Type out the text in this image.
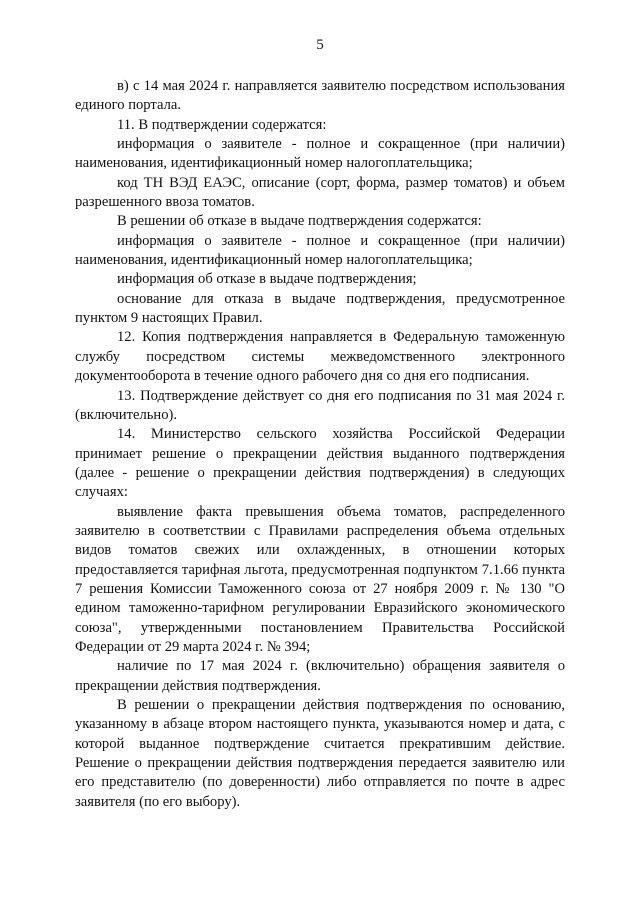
5

в) с 14 мая 2024 г. направляется заявителю посредством использования единого портала.

11. В подтверждении содержатся:

информация о заявителе - полное и сокращенное (при наличии) наименования, идентификационный номер налогоплательщика;

код ТН ВЭД ЕАЭС, описание (сорт, форма, размер томатов) и объем разрешенного ввоза томатов.

В решении об отказе в выдаче подтверждения содержатся:

информация о заявителе - полное и сокращенное (при наличии) наименования, идентификационный номер налогоплательщика;

информация об отказе в выдаче подтверждения;

основание для отказа в выдаче подтверждения, предусмотренное пунктом 9 настоящих Правил.

12. Копия подтверждения направляется в Федеральную таможенную службу посредством системы межведомственного электронного документооборота в течение одного рабочего дня со дня его подписания.

13. Подтверждение действует со дня его подписания по 31 мая 2024 г. (включительно).

14. Министерство сельского хозяйства Российской Федерации принимает решение о прекращении действия выданного подтверждения (далее - решение о прекращении действия подтверждения) в следующих случаях:

выявление факта превышения объема томатов, распределенного заявителю в соответствии с Правилами распределения объема отдельных видов томатов свежих или охлажденных, в отношении которых предоставляется тарифная льгота, предусмотренная подпунктом 7.1.66 пункта 7 решения Комиссии Таможенного союза от 27 ноября 2009 г. № 130 "О едином таможенно-тарифном регулировании Евразийского экономического союза", утвержденными постановлением Правительства Российской Федерации от 29 марта 2024 г. № 394;

наличие по 17 мая 2024 г. (включительно) обращения заявителя о прекращении действия подтверждения.

В решении о прекращении действия подтверждения по основанию, указанному в абзаце втором настоящего пункта, указываются номер и дата, с которой выданное подтверждение считается прекратившим действие. Решение о прекращении действия подтверждения передается заявителю или его представителю (по доверенности) либо отправляется по почте в адрес заявителя (по его выбору).
